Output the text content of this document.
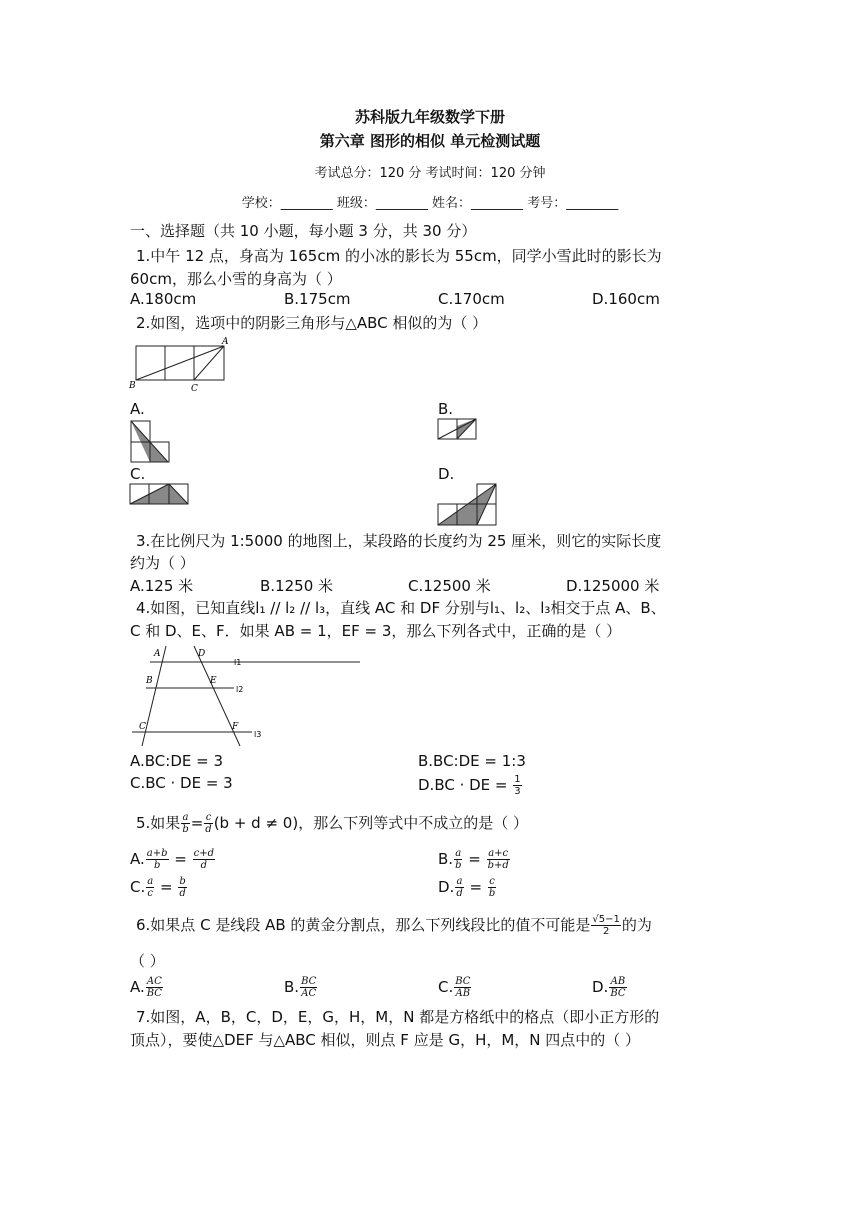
苏科版九年级数学下册
第六章 图形的相似 单元检测试题
考试总分：120 分 考试时间：120 分钟
学校：________ 班级：________ 姓名：________ 考号：________
一、选择题（共 10 小题，每小题 3 分，共 30 分）
1.中午 12 点，身高为 165cm 的小冰的影长为 55cm，同学小雪此时的影长为
60cm，那么小雪的身高为（ ）
A.180cm	B.175cm	C.170cm	D.160cm
2.如图，选项中的阴影三角形与△ABC 相似的为（ ）
A
B	C
A.	B.
C.	D.
3.在比例尺为 1:5000 的地图上，某段路的长度约为 25 厘米，则它的实际长度
约为（ ）
A.125 米	B.1250 米	C.12500 米	D.125000 米
4.如图，已知直线l₁ // l₂ // l₃，直线 AC 和 DF 分别与l₁、l₂、l₃相交于点 A、B、
C 和 D、E、F．如果 AB = 1，EF = 3，那么下列各式中，正确的是（ ）
A	D
B	E
C	F
l1
l2
l3
A.BC:DE = 3	B.BC:DE = 1:3
C.BC · DE = 3	D.BC · DE = $\frac{1}{3}$
5.如果 $\frac{a}{b} = \frac{c}{d} (b + d \ne 0)$，那么下列等式中不成立的是（ ）
A. $\frac{a+b}{b} = \frac{c+d}{d}$	B. $\frac{a}{b} = \frac{a+c}{b+d}$
C. $\frac{a}{c} = \frac{b}{d}$	D. $\frac{a}{d} = \frac{c}{b}$
6.如果点 C 是线段 AB 的黄金分割点，那么下列线段比的值不可能是 $\frac{√5-1}{2}$ 的为
（ ）
A. $\frac{AC}{BC}$	B. $\frac{BC}{AC}$	C. $\frac{BC}{AB}$	D. $\frac{AB}{BC}$
7.如图，A，B，C，D，E，G，H，M，N 都是方格纸中的格点（即小正方形的
顶点），要使△DEF 与△ABC 相似，则点 F 应是 G，H，M，N 四点中的（ ）
